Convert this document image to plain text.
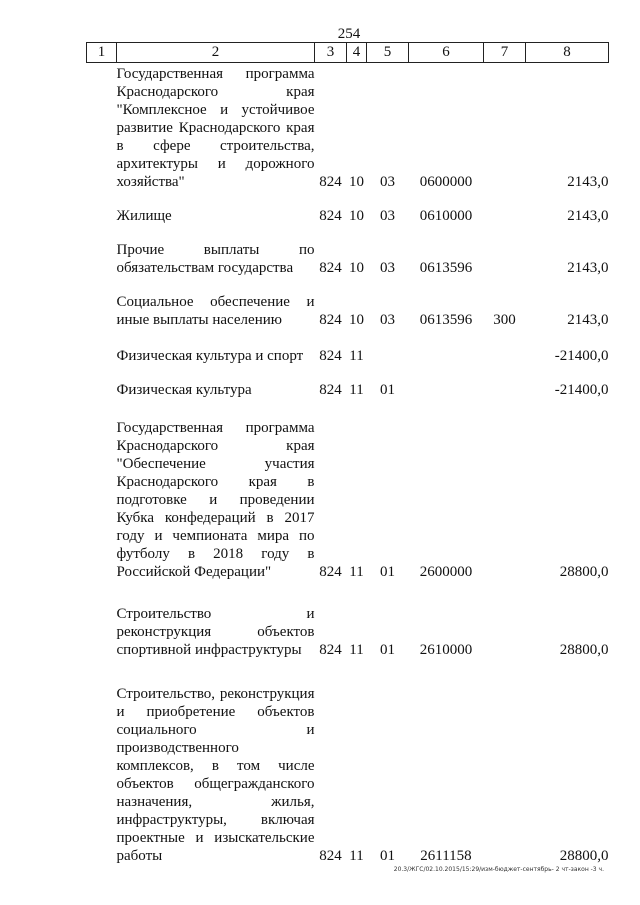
254
1	2	3	4	5	6	7	8

	Государственная программа Краснодарского края "Комплексное и устойчивое развитие Краснодарского края в сфере строительства, архитектуры и дорожного хозяйства"	824	10	03	0600000		2143,0

	Жилище	824	10	03	0610000		2143,0

	Прочие выплаты по обязательствам государства	824	10	03	0613596		2143,0

	Социальное обеспечение и иные выплаты населению	824	10	03	0613596	300	2143,0

	Физическая культура и спорт	824	11				-21400,0

	Физическая культура	824	11	01			-21400,0

	Государственная программа Краснодарского края "Обеспечение участия Краснодарского края в подготовке и проведении Кубка конфедераций в 2017 году и чемпионата мира по футболу в 2018 году в Российской Федерации"	824	11	01	2600000		28800,0

	Строительство и реконструкция объектов спортивной инфраструктуры	824	11	01	2610000		28800,0

	Строительство, реконструкция и приобретение объектов социального и производственного комплексов, в том числе объектов общегражданского назначения, жилья, инфраструктуры, включая проектные и изыскательские работы	824	11	01	2611158		28800,0
20.3/ЖГС/02.10.2015/15:29/изм-бюджет-сентябрь- 2 чт-закон -3 ч.
